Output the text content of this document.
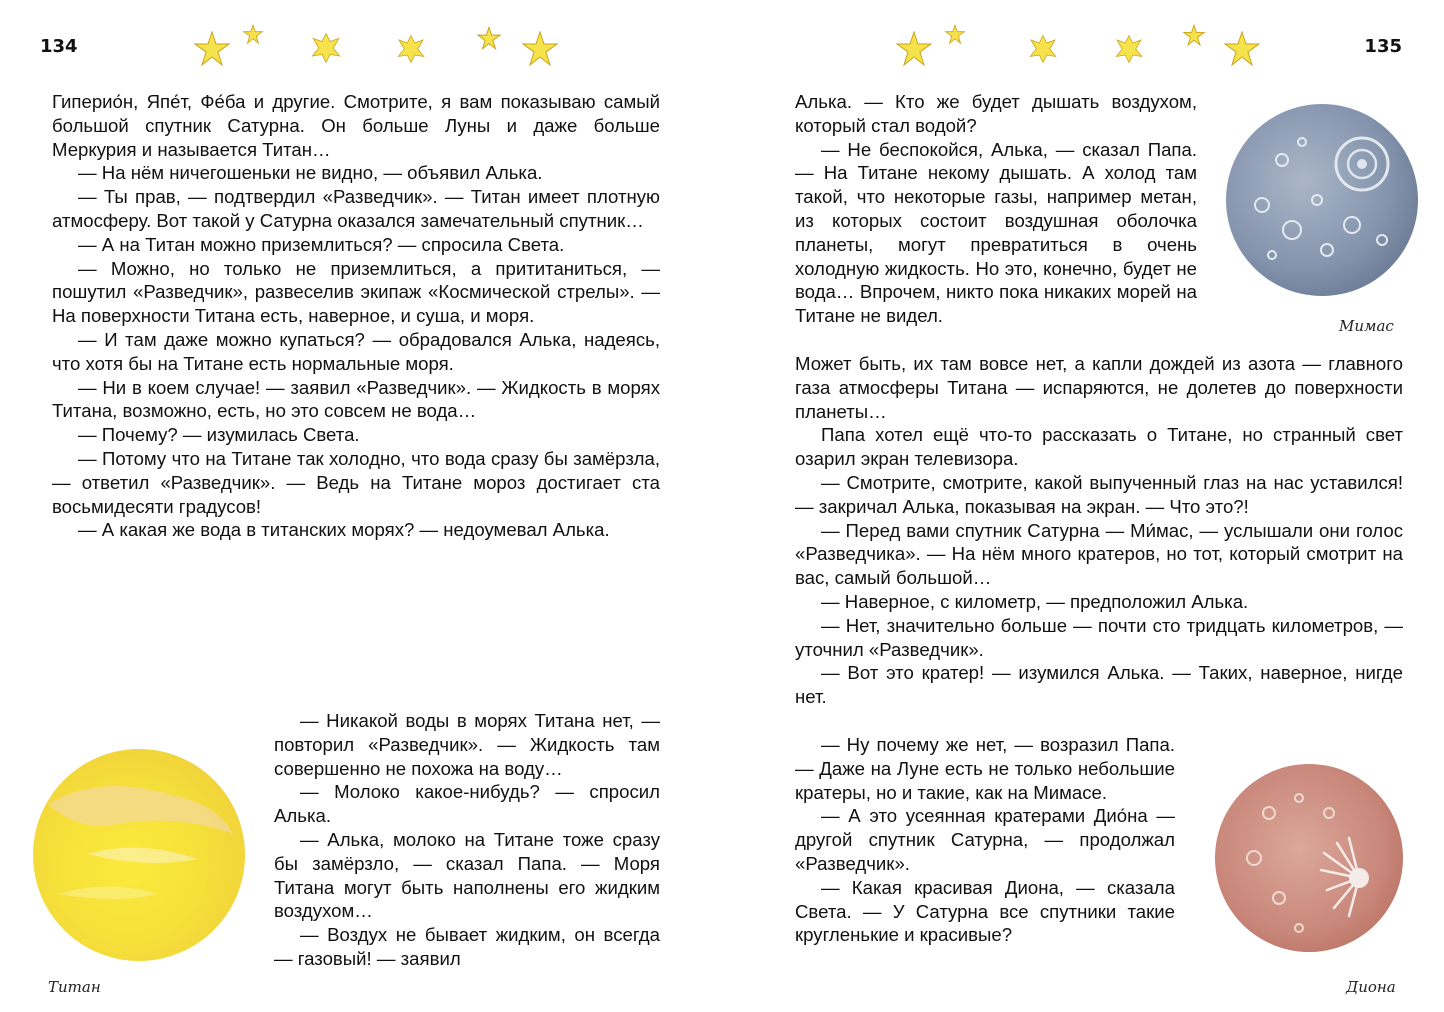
134

Гиперио́н, Япе́т, Фе́ба и другие. Смотрите, я вам показываю самый большой спутник Сатурна. Он больше Луны и даже больше Меркурия и называется Титан…

— На нём ничегошеньки не видно, — объявил Алька.

— Ты прав, — подтвердил «Разведчик». — Титан имеет плотную атмосферу. Вот такой у Сатурна оказался замечательный спутник…

— А на Титан можно приземлиться? — спросила Света.

— Можно, но только не приземлиться, а прититаниться, — пошутил «Разведчик», развеселив экипаж «Космической стрелы». — На поверхности Титана есть, наверное, и суша, и моря.

— И там даже можно купаться? — обрадовался Алька, надеясь, что хотя бы на Титане есть нормальные моря.

— Ни в коем случае! — заявил «Разведчик». — Жидкость в морях Титана, возможно, есть, но это совсем не вода…

— Почему? — изумилась Света.

— Потому что на Титане так холодно, что вода сразу бы замёрзла, — ответил «Разведчик». — Ведь на Титане мороз достигает ста восьмидесяти градусов!

— А какая же вода в титанских морях? — недоумевал Алька.

— Никакой воды в морях Титана нет, — повторил «Разведчик». — Жидкость там совершенно не похожа на воду…

— Молоко какое-нибудь? — спросил Алька.

— Алька, молоко на Титане тоже сразу бы замёрзло, — сказал Папа. — Моря Титана могут быть наполнены его жидким воздухом…

— Воздух не бывает жидким, он всегда — газовый! — заявил

Титан
135

Алька. — Кто же будет дышать воздухом, который стал водой?

— Не беспокойся, Алька, — сказал Папа. — На Титане некому дышать. А холод там такой, что некоторые газы, например метан, из которых состоит воздушная оболочка планеты, могут превратиться в очень холодную жидкость. Но это, конечно, будет не вода… Впрочем, никто пока никаких морей на Титане не видел.	Мимас

Может быть, их там вовсе нет, а капли дождей из азота — главного газа атмосферы Титана — испаряются, не долетев до поверхности планеты…

Папа хотел ещё что-то рассказать о Титане, но странный свет озарил экран телевизора.

— Смотрите, смотрите, какой выпученный глаз на нас уставился! — закричал Алька, показывая на экран. — Что это?!

— Перед вами спутник Сатурна — Ми́мас, — услышали они голос «Разведчика». — На нём много кратеров, но тот, который смотрит на вас, самый большой…

— Наверное, с километр, — предположил Алька.

— Нет, значительно больше — почти сто тридцать километров, — уточнил «Разведчик».

— Вот это кратер! — изумился Алька. — Таких, наверное, нигде нет.

— Ну почему же нет, — возразил Папа. — Даже на Луне есть не только небольшие кратеры, но и такие, как на Мимасе.

— А это усеянная кратерами Дио́на — другой спутник Сатурна, — продолжал «Разведчик».

— Какая красивая Диона, — сказала Света. — У Сатурна все спутники такие кругленькие и красивые?

Диона
